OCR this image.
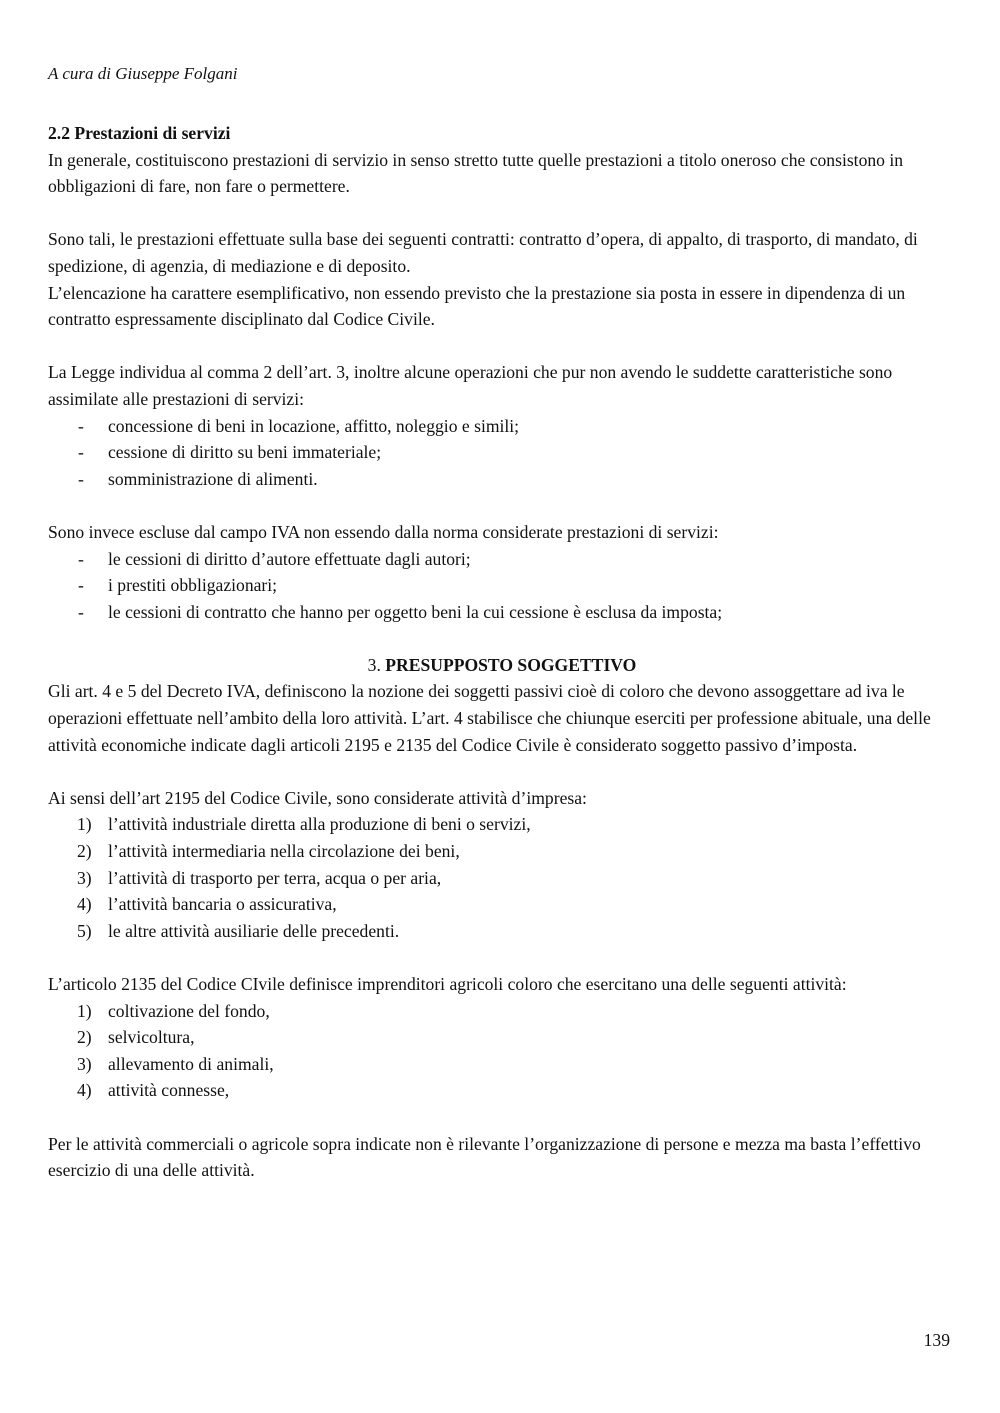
A cura di Giuseppe Folgani

2.2 Prestazioni di servizi

In generale, costituiscono prestazioni di servizio in senso stretto tutte quelle prestazioni a titolo oneroso che consistono in obbligazioni di fare, non fare o permettere.

Sono tali, le prestazioni effettuate sulla base dei seguenti contratti: contratto d’opera, di appalto, di trasporto, di mandato, di spedizione, di agenzia, di mediazione e di deposito.

L’elencazione ha carattere esemplificativo, non essendo previsto che la prestazione sia posta in essere in dipendenza di un contratto espressamente disciplinato dal Codice Civile.

La Legge individua al comma 2 dell’art. 3, inoltre alcune operazioni che pur non avendo le suddette caratteristiche sono assimilate alle prestazioni di servizi:

- concessione di beni in locazione, affitto, noleggio e simili;
- cessione di diritto su beni immateriale;
- somministrazione di alimenti.

Sono invece escluse dal campo IVA non essendo dalla norma considerate prestazioni di servizi:

- le cessioni di diritto d’autore effettuate dagli autori;
- i prestiti obbligazionari;
- le cessioni di contratto che hanno per oggetto beni la cui cessione è esclusa da imposta;

3. PRESUPPOSTO SOGGETTIVO

Gli art. 4 e 5 del Decreto IVA, definiscono la nozione dei soggetti passivi cioè di coloro che devono assoggettare ad iva le operazioni effettuate nell’ambito della loro attività. L’art. 4 stabilisce che chiunque eserciti per professione abituale, una delle attività economiche indicate dagli articoli 2195 e 2135 del Codice Civile è considerato soggetto passivo d’imposta.

Ai sensi dell’art 2195 del Codice Civile, sono considerate attività d’impresa:

1) l’attività industriale diretta alla produzione di beni o servizi,
2) l’attività intermediaria nella circolazione dei beni,
3) l’attività di trasporto per terra, acqua o per aria,
4) l’attività bancaria o assicurativa,
5) le altre attività ausiliarie delle precedenti.

L’articolo 2135 del Codice CIvile definisce imprenditori agricoli coloro che esercitano una delle seguenti attività:

1) coltivazione del fondo,
2) selvicoltura,
3) allevamento di animali,
4) attività connesse,

Per le attività commerciali o agricole sopra indicate non è rilevante l’organizzazione di persone e mezza ma basta l’effettivo esercizio di una delle attività.

139
